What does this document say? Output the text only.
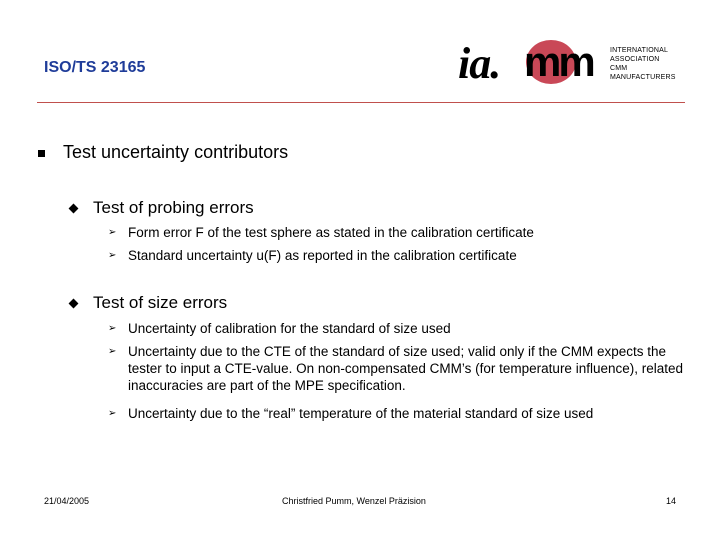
ISO/TS 23165	ia. mm INTERNATIONAL
ASSOCIATION
CMM MANUFACTURERS
Test uncertainty contributors
Test of probing errors
➢ Form error F of the test sphere as stated in the calibration certificate
➢ Standard uncertainty u(F) as reported in the calibration certificate
Test of size errors
➢ Uncertainty of calibration for the standard of size used
➢ Uncertainty due to the CTE of the standard of size used; valid only if the CMM expects the tester to input a CTE-value. On non-compensated CMM’s (for temperature influence), related inaccuracies are part of the MPE specification.
➢ Uncertainty due to the “real” temperature of the material standard of size used
21/04/2005	Christfried Pumm, Wenzel Präzision	14
